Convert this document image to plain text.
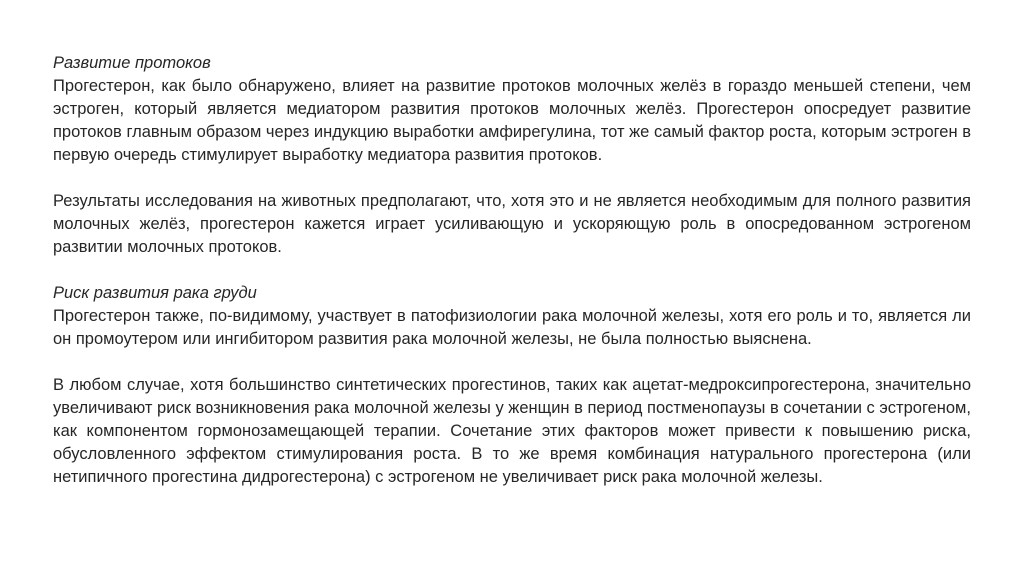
Развитие протоков

Прогестерон, как было обнаружено, влияет на развитие протоков молочных желёз в гораздо меньшей степени, чем эстроген, который является медиатором развития протоков молочных желёз. Прогестерон опосредует развитие протоков главным образом через индукцию выработки амфирегулина, тот же самый фактор роста, которым эстроген в первую очередь стимулирует выработку медиатора развития протоков.

Результаты исследования на животных предполагают, что, хотя это и не является необходимым для полного развития молочных желёз, прогестерон кажется играет усиливающую и ускоряющую роль в опосредованном эстрогеном развитии молочных протоков.

Риск развития рака груди

Прогестерон также, по-видимому, участвует в патофизиологии рака молочной железы, хотя его роль и то, является ли он промоутером или ингибитором развития рака молочной железы, не была полностью выяснена.

В любом случае, хотя большинство синтетических прогестинов, таких как ацетат-медроксипрогестерона, значительно увеличивают риск возникновения рака молочной железы у женщин в период постменопаузы в сочетании с эстрогеном, как компонентом гормонозамещающей терапии. Сочетание этих факторов может привести к повышению риска, обусловленного эффектом стимулирования роста. В то же время комбинация натурального прогестерона (или нетипичного прогестина дидрогестерона) с эстрогеном не увеличивает риск рака молочной железы.
